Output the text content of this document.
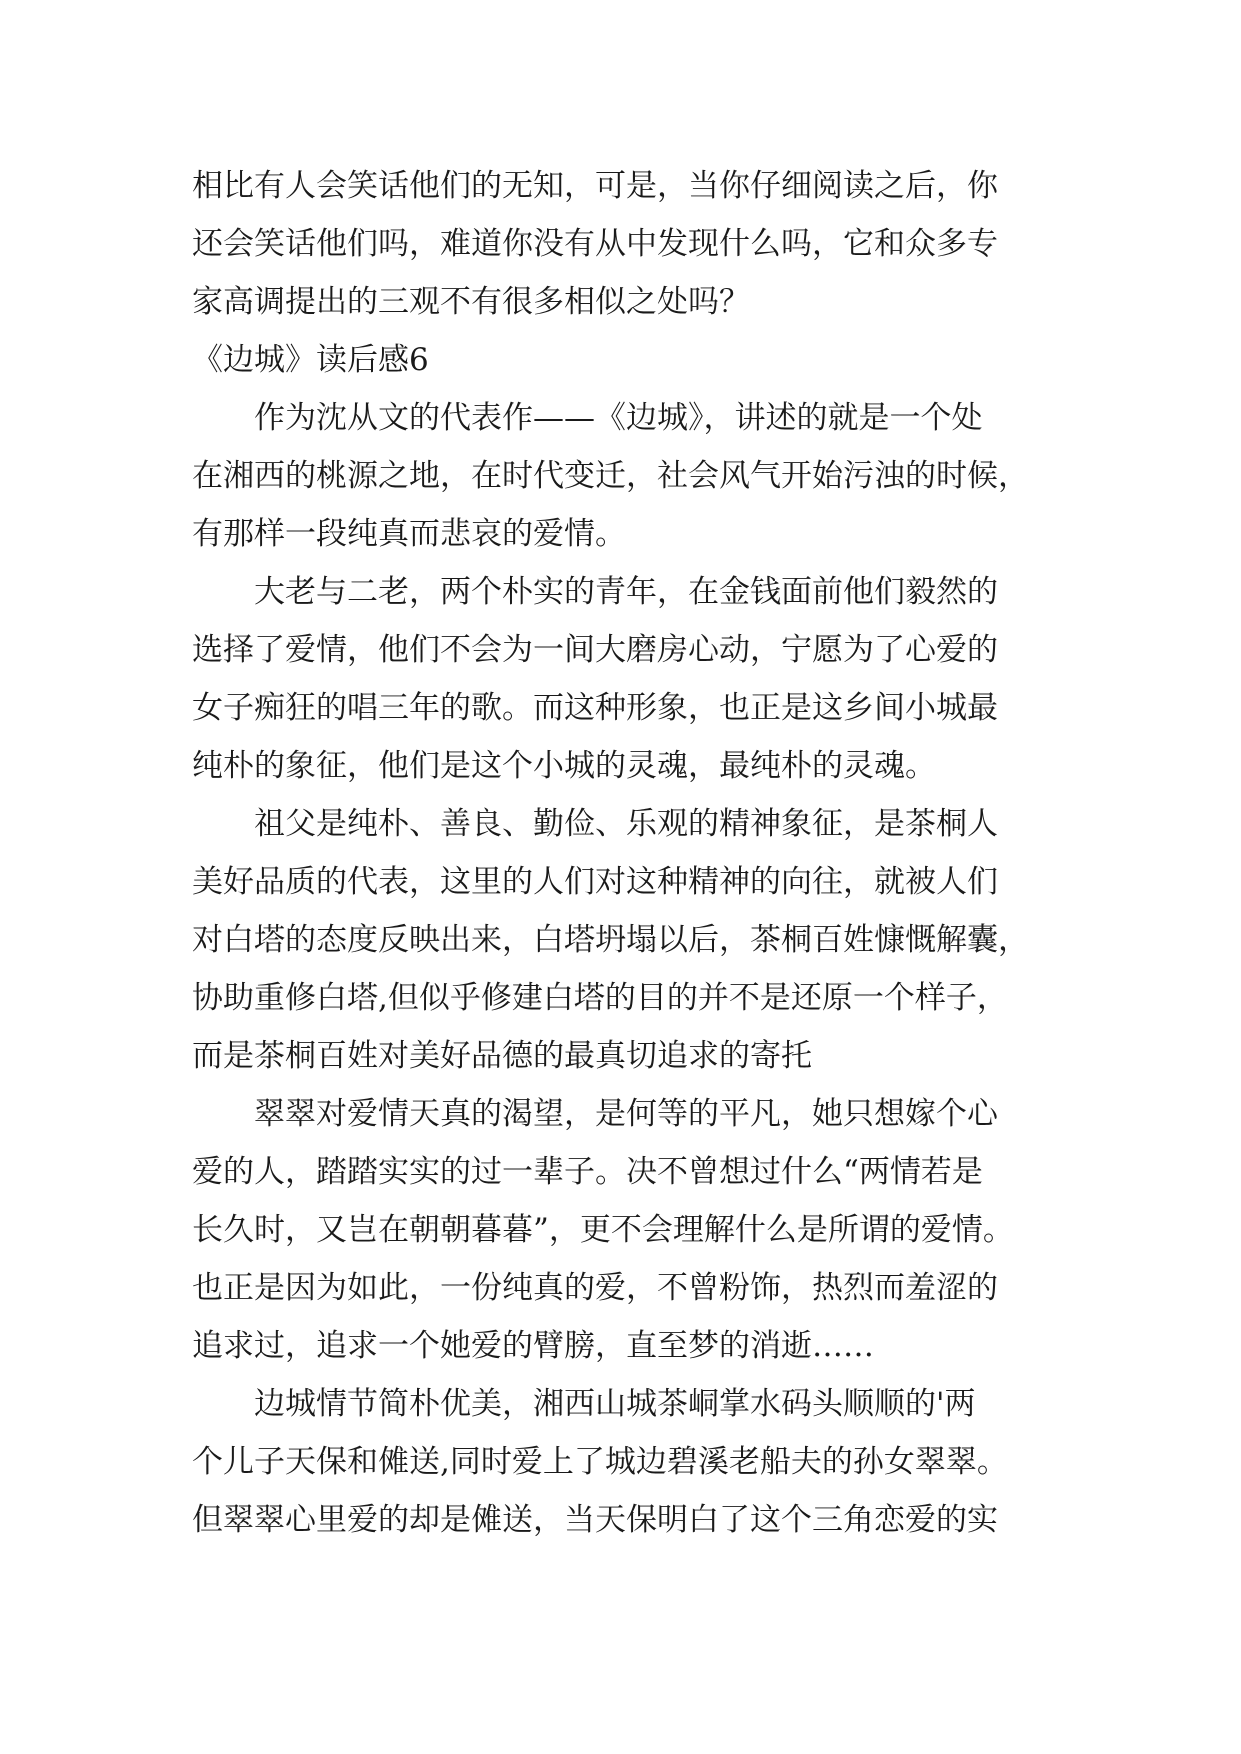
相比有人会笑话他们的无知，可是，当你仔细阅读之后，你
还会笑话他们吗，难道你没有从中发现什么吗，它和众多专
家高调提出的三观不有很多相似之处吗？
《边城》读后感6
作为沈从文的代表作——《边城》，讲述的就是一个处
在湘西的桃源之地，在时代变迁，社会风气开始污浊的时候，
有那样一段纯真而悲哀的爱情。
大老与二老，两个朴实的青年，在金钱面前他们毅然的
选择了爱情，他们不会为一间大磨房心动，宁愿为了心爱的
女子痴狂的唱三年的歌。而这种形象，也正是这乡间小城最
纯朴的象征，他们是这个小城的灵魂，最纯朴的灵魂。
祖父是纯朴、善良、勤俭、乐观的精神象征，是茶桐人
美好品质的代表，这里的人们对这种精神的向往，就被人们
对白塔的态度反映出来，白塔坍塌以后，茶桐百姓慷慨解囊，
协助重修白塔,但似乎修建白塔的目的并不是还原一个样子，
而是茶桐百姓对美好品德的最真切追求的寄托
翠翠对爱情天真的渴望，是何等的平凡，她只想嫁个心
爱的人，踏踏实实的过一辈子。决不曾想过什么“两情若是
长久时，又岂在朝朝暮暮”，更不会理解什么是所谓的爱情。
也正是因为如此，一份纯真的爱，不曾粉饰，热烈而羞涩的
追求过，追求一个她爱的臂膀，直至梦的消逝……
边城情节简朴优美，湘西山城茶峒掌水码头顺顺的'两
个儿子天保和傩送,同时爱上了城边碧溪老船夫的孙女翠翠。
但翠翠心里爱的却是傩送，当天保明白了这个三角恋爱的实
